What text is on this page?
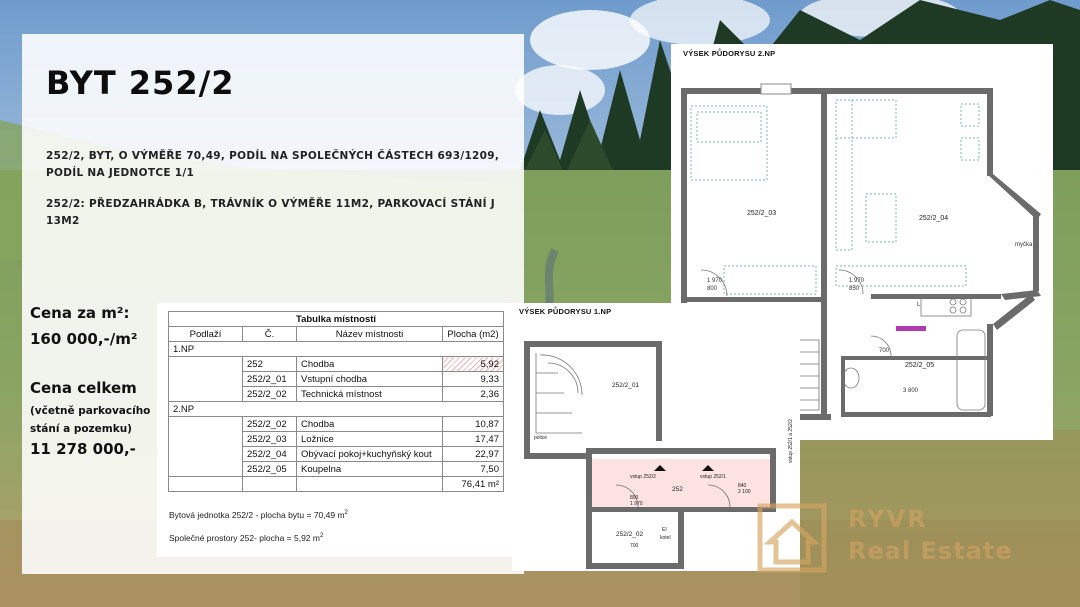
BYT 252/2

252/2, BYT, O VÝMĚŘE 70,49, PODÍL NA SPOLEČNÝCH ČÁSTECH 693/1209, PODÍL NA JEDNOTCE 1/1

252/2: PŘEDZAHRÁDKA B, TRÁVNÍK O VÝMĚŘE 11M2, PARKOVACÍ STÁNÍ J 13M2

Cena za m²:
160 000,-/m²
Cena celkem
(včetně parkovacího
stání a pozemku)
11 278 000,-
Tabulka místností			
Podlaží	Č.	Název místnosti	Plocha (m2)
1.NP			
	252	Chodba	5,92
	252/2_01	Vstupní chodba	9,33
	252/2_02	Technická místnost	2,36
2.NP			
	252/2_02	Chodba	10,87
	252/2_03	Ložnice	17,47
	252/2_04	Obývací pokoj+kuchyňský kout	22,97
	252/2_05	Koupelna	7,50
			76,41 m²
Bytová jednotka 252/2 - plocha bytu = 70,49 $m^2$
Společné prostory 252- plocha = 5,92 $m^2$
VÝSEK PŮDORYSU 2.NP
252/2_03
252/2_04
252/2_05
L
myčka
3 800
800
1 970
850
1 970
700
VÝSEK PŮDORYSU 1.NP
252/2_01
252
252/2_02
vstup 252/2	vstup 252/1
vstup 252/1 a 252/2
police
EI
kotel
800
1 970
840
2 100
700
RYVR
Real Estate
